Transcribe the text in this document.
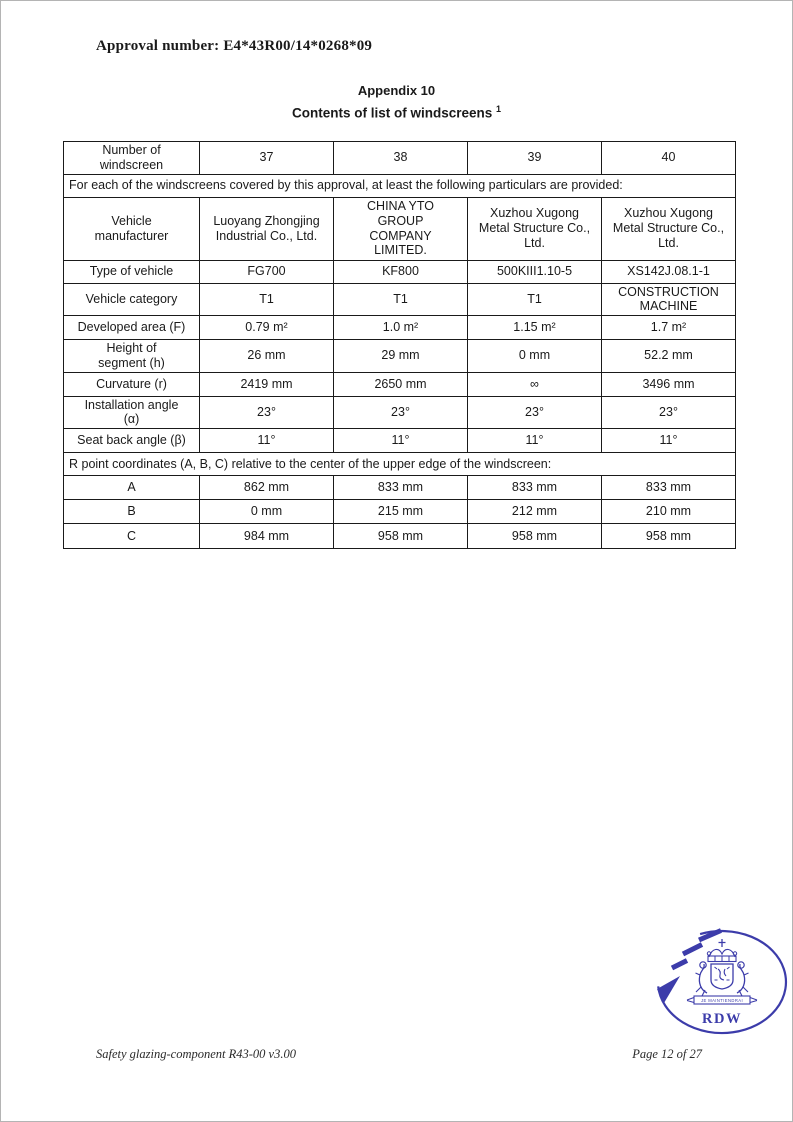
Approval number: E4*43R00/14*0268*09
Appendix 10
Contents of list of windscreens $^1$
Number of windscreen	37	38	39	40
For each of the windscreens covered by this approval, at least the following particulars are provided:				
Vehicle manufacturer	Luoyang Zhongjing Industrial Co., Ltd.	CHINA YTO GROUP COMPANY LIMITED.	Xuzhou Xugong Metal Structure Co., Ltd.	Xuzhou Xugong Metal Structure Co., Ltd.
Type of vehicle	FG700	KF800	500KIII1.10-5	XS142J.08.1-1
Vehicle category	T1	T1	T1	CONSTRUCTION MACHINE
Developed area (F)	0.79 m²	1.0 m²	1.15 m²	1.7 m²
Height of segment (h)	26 mm	29 mm	0 mm	52.2 mm
Curvature (r)	2419 mm	2650 mm	∞	3496 mm
Installation angle (α)	23°	23°	23°	23°
Seat back angle (β)	11°	11°	11°	11°
R point coordinates (A, B, C) relative to the center of the upper edge of the windscreen:				
A	862 mm	833 mm	833 mm	833 mm
B	0 mm	215 mm	212 mm	210 mm
C	984 mm	958 mm	958 mm	958 mm
JE MAINTIENDRAI
RDW
Safety glazing-component R43-00 v3.00	Page 12 of 27
